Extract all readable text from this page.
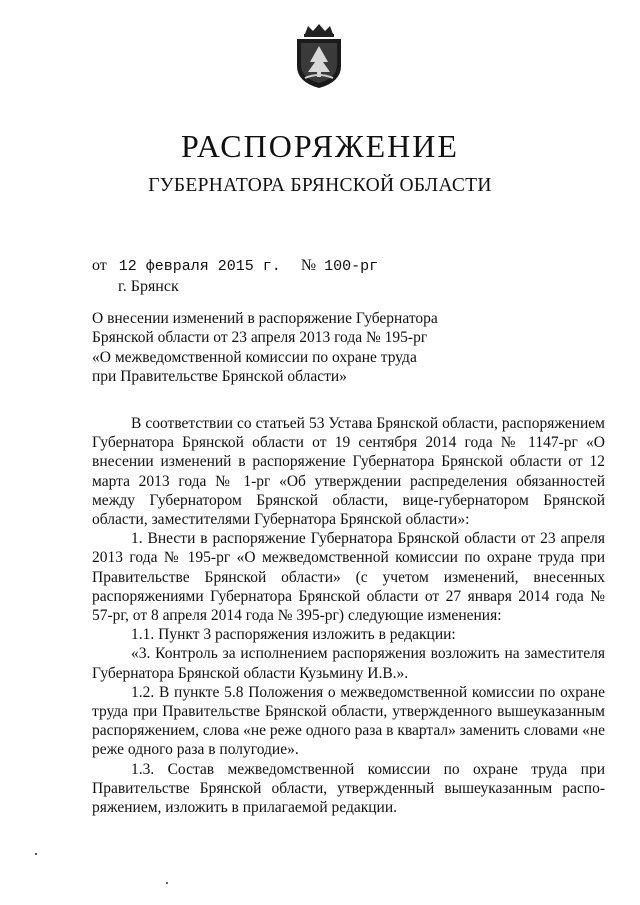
РАСПОРЯЖЕНИЕ
ГУБЕРНАТОРА БРЯНСКОЙ ОБЛАСТИ
от 12 февраля 2015 г. № 100-рг
г. Брянск
О внесении изменений в распоряжение Губернатора
Брянской области от 23 апреля 2013 года № 195-рг
«О межведомственной комиссии по охране труда
при Правительстве Брянской области»

В соответствии со статьей 53 Устава Брянской области, распоряжением Губернатора Брянской области от 19 сентября 2014 года № 1147-рг «О внесении изменений в распоряжение Губернатора Брянской области от 12 марта 2013 года № 1-рг «Об утверждении распределения обязанностей между Губернатором Брянской области, вице-губернатором Брянской области, заместителями Губернатора Брянской области»:

1. Внести в распоряжение Губернатора Брянской области от 23 апреля 2013 года № 195-рг «О межведомственной комиссии по охране труда при Правительстве Брянской области» (с учетом изменений, внесенных распоряжениями Губернатора Брянской области от 27 января 2014 года № 57-рг, от 8 апреля 2014 года № 395-рг) следующие изменения:

1.1. Пункт 3 распоряжения изложить в редакции:

«3. Контроль за исполнением распоряжения возложить на заместителя Губернатора Брянской области Кузьмину И.В.».

1.2. В пункте 5.8 Положения о межведомственной комиссии по охране труда при Правительстве Брянской области, утвержденного вышеуказанным распоряжением, слова «не реже одного раза в квартал» заменить словами «не реже одного раза в полугодие».

1.3. Состав межведомственной комиссии по охране труда при Правительстве Брянской области, утвержденный вышеуказанным распоряжением, изложить в прилагаемой редакции.
